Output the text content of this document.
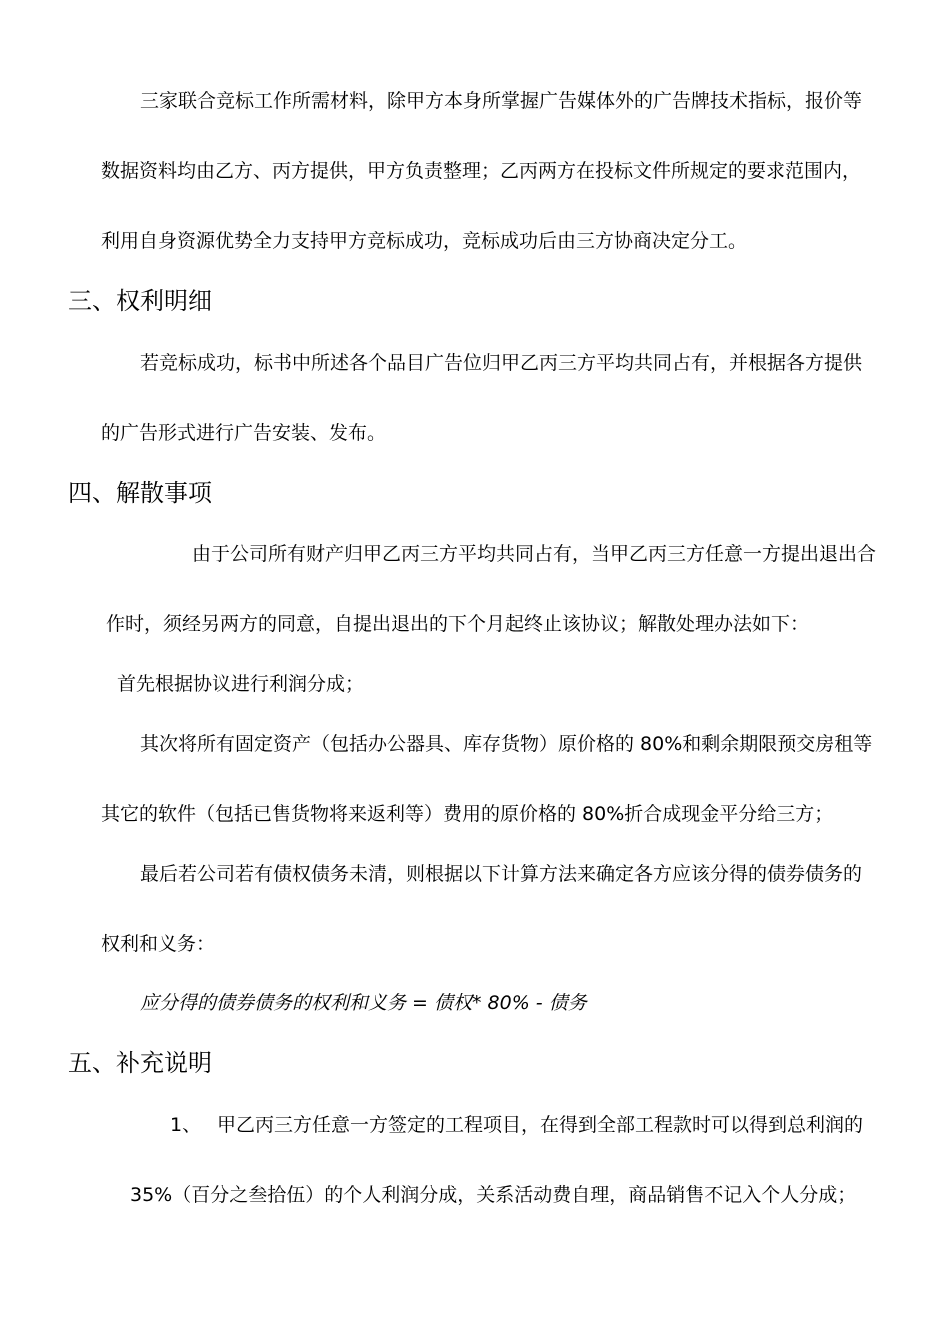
三家联合竞标工作所需材料，除甲方本身所掌握广告媒体外的广告牌技术指标，报价等
数据资料均由乙方、丙方提供，甲方负责整理；乙丙两方在投标文件所规定的要求范围内，
利用自身资源优势全力支持甲方竞标成功，竞标成功后由三方协商决定分工。
三、权利明细
若竞标成功，标书中所述各个品目广告位归甲乙丙三方平均共同占有，并根据各方提供
的广告形式进行广告安装、发布。
四、解散事项
由于公司所有财产归甲乙丙三方平均共同占有，当甲乙丙三方任意一方提出退出合
作时，须经另两方的同意，自提出退出的下个月起终止该协议；解散处理办法如下：
首先根据协议进行利润分成；
其次将所有固定资产（包括办公器具、库存货物）原价格的 80%和剩余期限预交房租等
其它的软件（包括已售货物将来返利等）费用的原价格的 80%折合成现金平分给三方；
最后若公司若有债权债务未清，则根据以下计算方法来确定各方应该分得的债券债务的
权利和义务：
应分得的债券债务的权利和义务 = 债权* 80% - 债务
五、补充说明
1、 甲乙丙三方任意一方签定的工程项目，在得到全部工程款时可以得到总利润的
35%（百分之叁拾伍）的个人利润分成，关系活动费自理，商品销售不记入个人分成；
